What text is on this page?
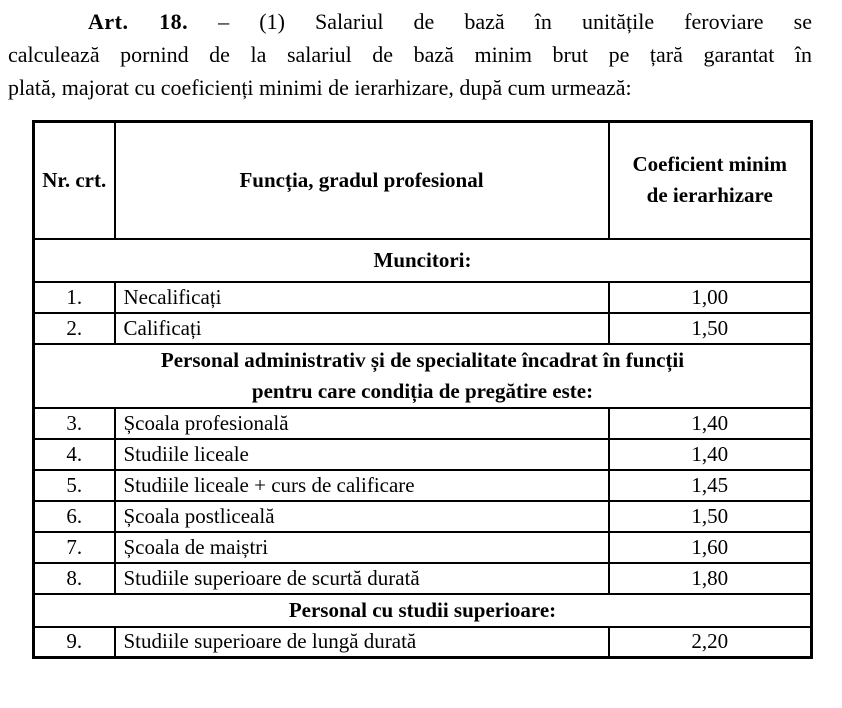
Art. 18. – (1) Salariul de bază în unitățile feroviare se
calculează pornind de la salariul de bază minim brut pe țară garantat în
plată, majorat cu coeficienți minimi de ierarhizare, după cum urmează:

Nr. crt.	Funcția, gradul profesional	Coeficient minim
de ierarhizare

Muncitori:		
1.	Necalificați	1,00
2.	Calificați	1,50

Personal administrativ și de specialitate încadrat în funcții
pentru care condiția de pregătire este:		

3.	Școala profesională	1,40
4.	Studiile liceale	1,40
5.	Studiile liceale + curs de calificare	1,45
6.	Școala postliceală	1,50
7.	Școala de maiștri	1,60
8.	Studiile superioare de scurtă durată	1,80
Personal cu studii superioare:		
9.	Studiile superioare de lungă durată	2,20
